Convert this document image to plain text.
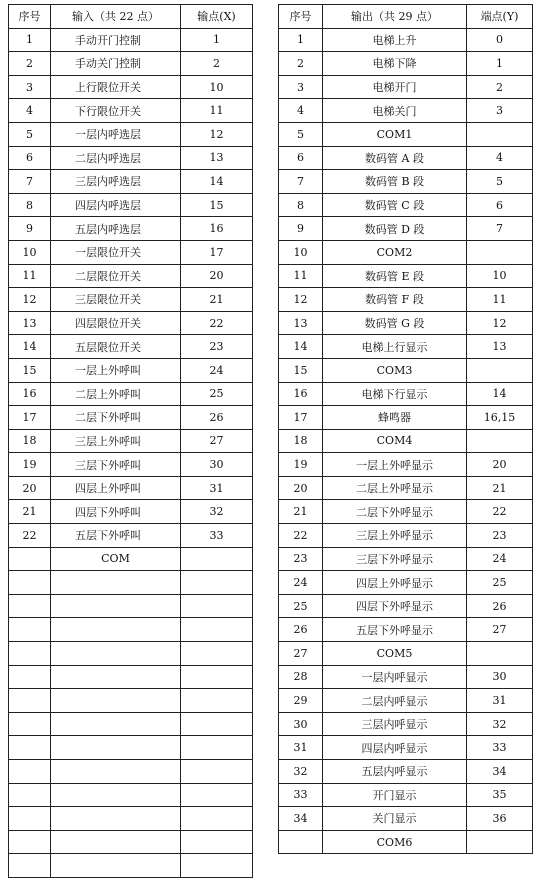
序号	输入（共 22 点）	输点(X)
1	手动开门控制	1
2	手动关门控制	2
3	上行限位开关	10
4	下行限位开关	11
5	一层内呼选层	12
6	二层内呼选层	13
7	三层内呼选层	14
8	四层内呼选层	15
9	五层内呼选层	16
10	一层限位开关	17
11	二层限位开关	20
12	三层限位开关	21
13	四层限位开关	22
14	五层限位开关	23
15	一层上外呼叫	24
16	二层上外呼叫	25
17	二层下外呼叫	26
18	三层上外呼叫	27
19	三层下外呼叫	30
20	四层上外呼叫	31
21	四层下外呼叫	32
22	五层下外呼叫	33
	COM	

序号	输出（共 29 点）	端点(Y)
1	电梯上升	0
2	电梯下降	1
3	电梯开门	2
4	电梯关门	3
5	COM1	
6	数码管 A 段	4
7	数码管 B 段	5
8	数码管 C 段	6
9	数码管 D 段	7
10	COM2	
11	数码管 E 段	10
12	数码管 F 段	11
13	数码管 G 段	12
14	电梯上行显示	13
15	COM3	
16	电梯下行显示	14
17	蜂鸣器	16,15
18	COM4	
19	一层上外呼显示	20
20	二层上外呼显示	21
21	二层下外呼显示	22
22	三层上外呼显示	23
23	三层下外呼显示	24
24	四层上外呼显示	25
25	四层下外呼显示	26
26	五层下外呼显示	27
27	COM5	
28	一层内呼显示	30
29	二层内呼显示	31
30	三层内呼显示	32
31	四层内呼显示	33
32	五层内呼显示	34
33	开门显示	35
34	关门显示	36
	COM6	
